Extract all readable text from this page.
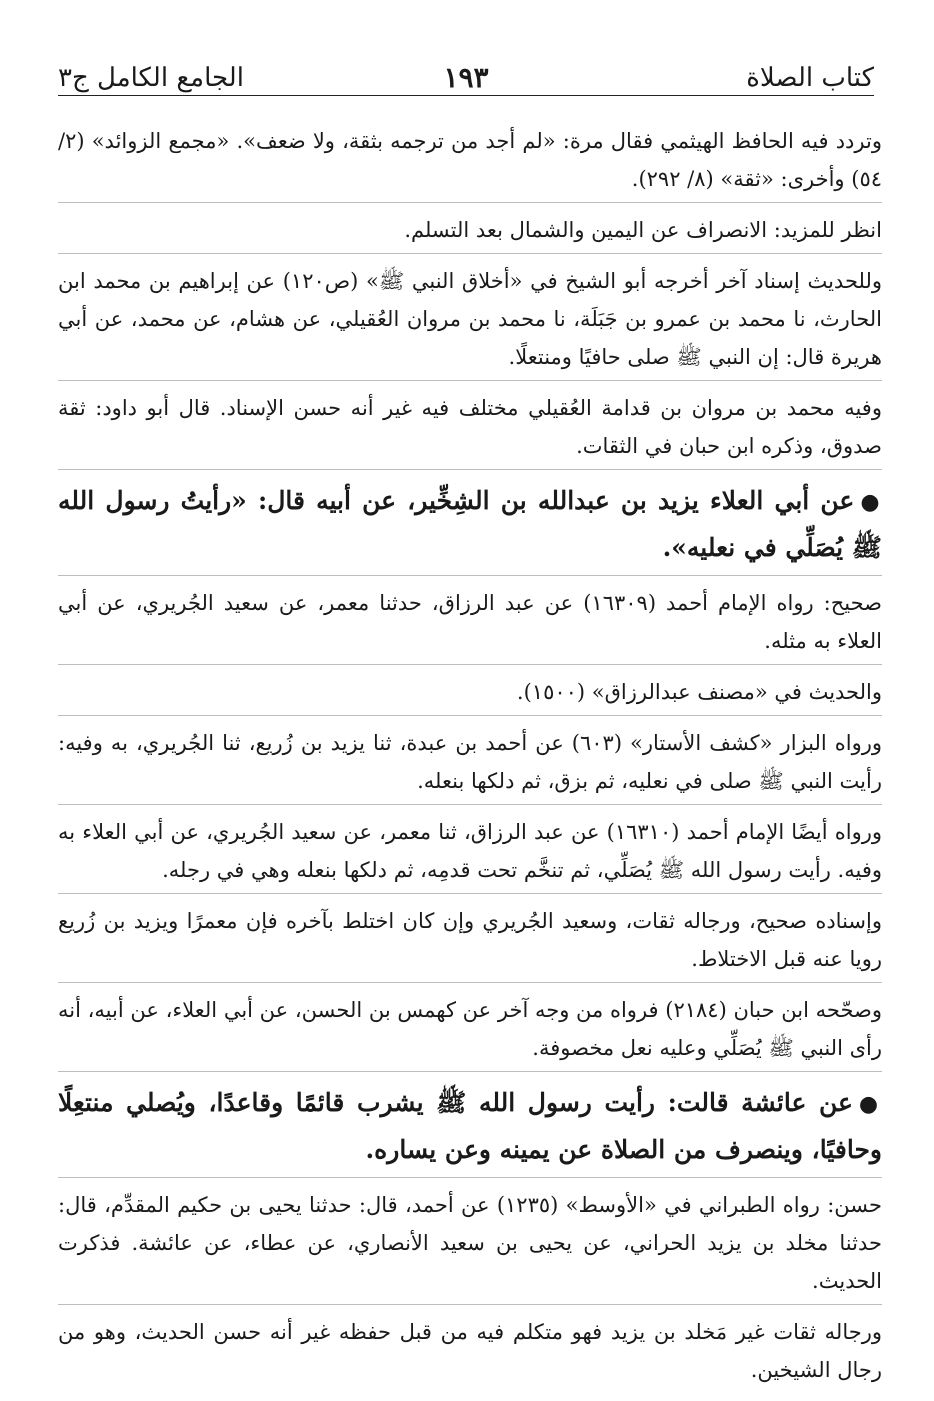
كتاب الصلاة
١٩٣
الجامع الكامل ج٣

وتردد فيه الحافظ الهيثمي فقال مرة: «لم أجد من ترجمه بثقة، ولا ضعف». «مجمع الزوائد» (٢/ ٥٤) وأخرى: «ثقة» (٨/ ٢٩٢).

انظر للمزيد: الانصراف عن اليمين والشمال بعد التسلم.

وللحديث إسناد آخر أخرجه أبو الشيخ في «أخلاق النبي ﷺ» (ص١٢٠) عن إبراهيم بن محمد ابن الحارث، نا محمد بن عمرو بن جَبَلَة، نا محمد بن مروان العُقيلي، عن هشام، عن محمد، عن أبي هريرة قال: إن النبي ﷺ صلى حافيًا ومنتعلًا.

وفيه محمد بن مروان بن قدامة العُقيلي مختلف فيه غير أنه حسن الإسناد. قال أبو داود: ثقة صدوق، وذكره ابن حبان في الثقات.

●عن أبي العلاء يزيد بن عبدالله بن الشِخِّير، عن أبيه قال: «رأيتُ رسول الله ﷺ يُصَلِّي في نعليه».

صحيح: رواه الإمام أحمد (١٦٣٠٩) عن عبد الرزاق، حدثنا معمر، عن سعيد الجُريري، عن أبي العلاء به مثله.

والحديث في «مصنف عبدالرزاق» (١٥٠٠).

ورواه البزار «كشف الأستار» (٦٠٣) عن أحمد بن عبدة، ثنا يزيد بن زُريع، ثنا الجُريري، به وفيه: رأيت النبي ﷺ صلى في نعليه، ثم بزق، ثم دلكها بنعله.

ورواه أيضًا الإمام أحمد (١٦٣١٠) عن عبد الرزاق، ثنا معمر، عن سعيد الجُريري، عن أبي العلاء به وفيه. رأيت رسول الله ﷺ يُصَلِّي، ثم تنخَّم تحت قدمِه، ثم دلكها بنعله وهي في رجله.

وإسناده صحيح، ورجاله ثقات، وسعيد الجُريري وإن كان اختلط بآخره فإن معمرًا ويزيد بن زُريع رويا عنه قبل الاختلاط.

وصحّحه ابن حبان (٢١٨٤) فرواه من وجه آخر عن كهمس بن الحسن، عن أبي العلاء، عن أبيه، أنه رأى النبي ﷺ يُصَلِّي وعليه نعل مخصوفة.

●عن عائشة قالت: رأيت رسول الله ﷺ يشرب قائمًا وقاعدًا، ويُصلي منتعِلًا وحافيًا، وينصرف من الصلاة عن يمينه وعن يساره.

حسن: رواه الطبراني في «الأوسط» (١٢٣٥) عن أحمد، قال: حدثنا يحيى بن حكيم المقدِّم، قال: حدثنا مخلد بن يزيد الحراني، عن يحيى بن سعيد الأنصاري، عن عطاء، عن عائشة. فذكرت الحديث.

ورجاله ثقات غير مَخلد بن يزيد فهو متكلم فيه من قبل حفظه غير أنه حسن الحديث، وهو من رجال الشيخين.
